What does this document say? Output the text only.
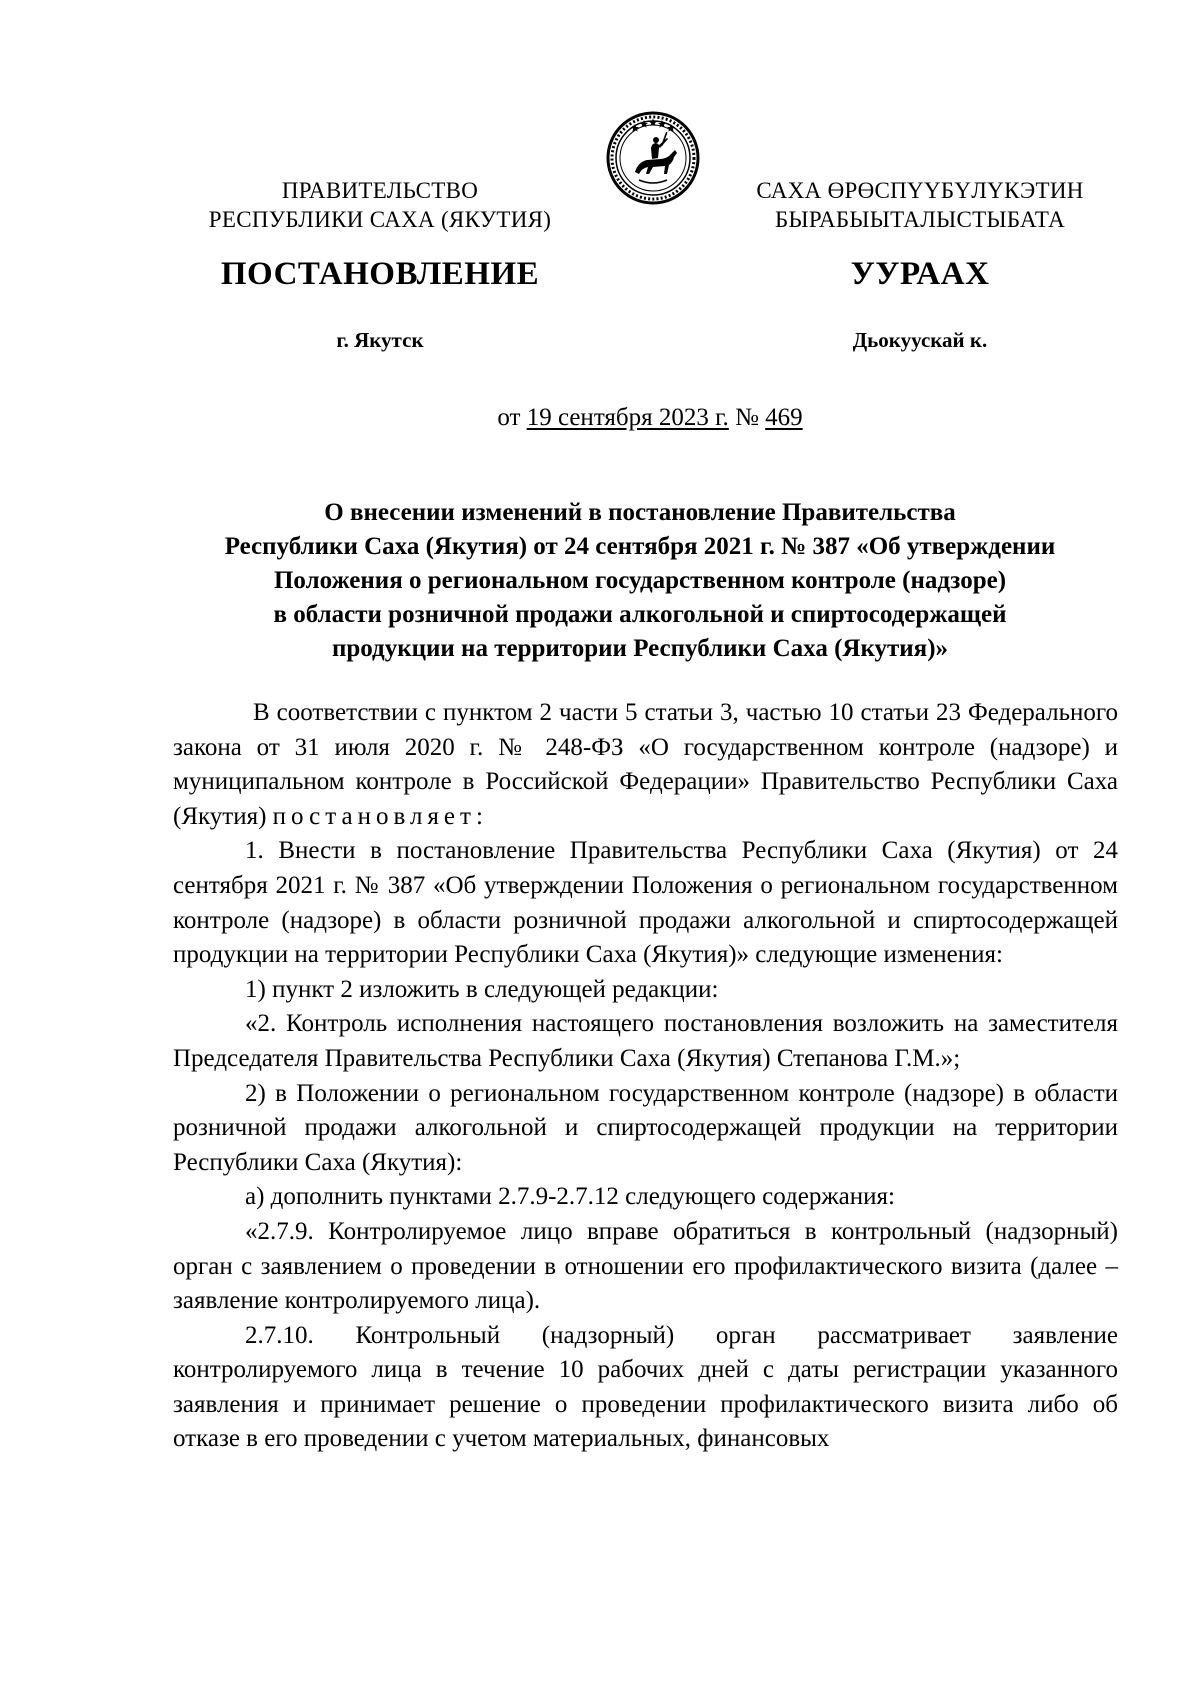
ПРАВИТЕЛЬСТВО
РЕСПУБЛИКИ САХА (ЯКУТИЯ)
САХА ӨРӨСПҮҮБҮЛҮКЭТИН
БЫРАБЫЫТАЛЫСТЫБАТА
ПОСТАНОВЛЕНИЕ	УУРААХ
г. Якутск	Дьокуускай к.
от 19 сентября 2023 г. № 469
О внесении изменений в постановление Правительства
Республики Саха (Якутия) от 24 сентября 2021 г. № 387 «Об утверждении
Положения о региональном государственном контроле (надзоре)
в области розничной продажи алкогольной и спиртосодержащей
продукции на территории Республики Саха (Якутия)»

В соответствии с пунктом 2 части 5 статьи 3, частью 10 статьи 23 Федерального закона от 31 июля 2020 г. № 248-ФЗ «О государственном контроле (надзоре) и муниципальном контроле в Российской Федерации» Правительство Республики Саха (Якутия) постановляет:

1. Внести в постановление Правительства Республики Саха (Якутия) от 24 сентября 2021 г. № 387 «Об утверждении Положения о региональном государственном контроле (надзоре) в области розничной продажи алкогольной и спиртосодержащей продукции на территории Республики Саха (Якутия)» следующие изменения:

1) пункт 2 изложить в следующей редакции:

«2. Контроль исполнения настоящего постановления возложить на заместителя Председателя Правительства Республики Саха (Якутия) Степанова Г.М.»;

2) в Положении о региональном государственном контроле (надзоре) в области розничной продажи алкогольной и спиртосодержащей продукции на территории Республики Саха (Якутия):

а) дополнить пунктами 2.7.9-2.7.12 следующего содержания:

«2.7.9. Контролируемое лицо вправе обратиться в контрольный (надзорный) орган с заявлением о проведении в отношении его профилактического визита (далее – заявление контролируемого лица).

2.7.10. Контрольный (надзорный) орган рассматривает заявление контролируемого лица в течение 10 рабочих дней с даты регистрации указанного заявления и принимает решение о проведении профилактического визита либо об отказе в его проведении с учетом материальных, финансовых
